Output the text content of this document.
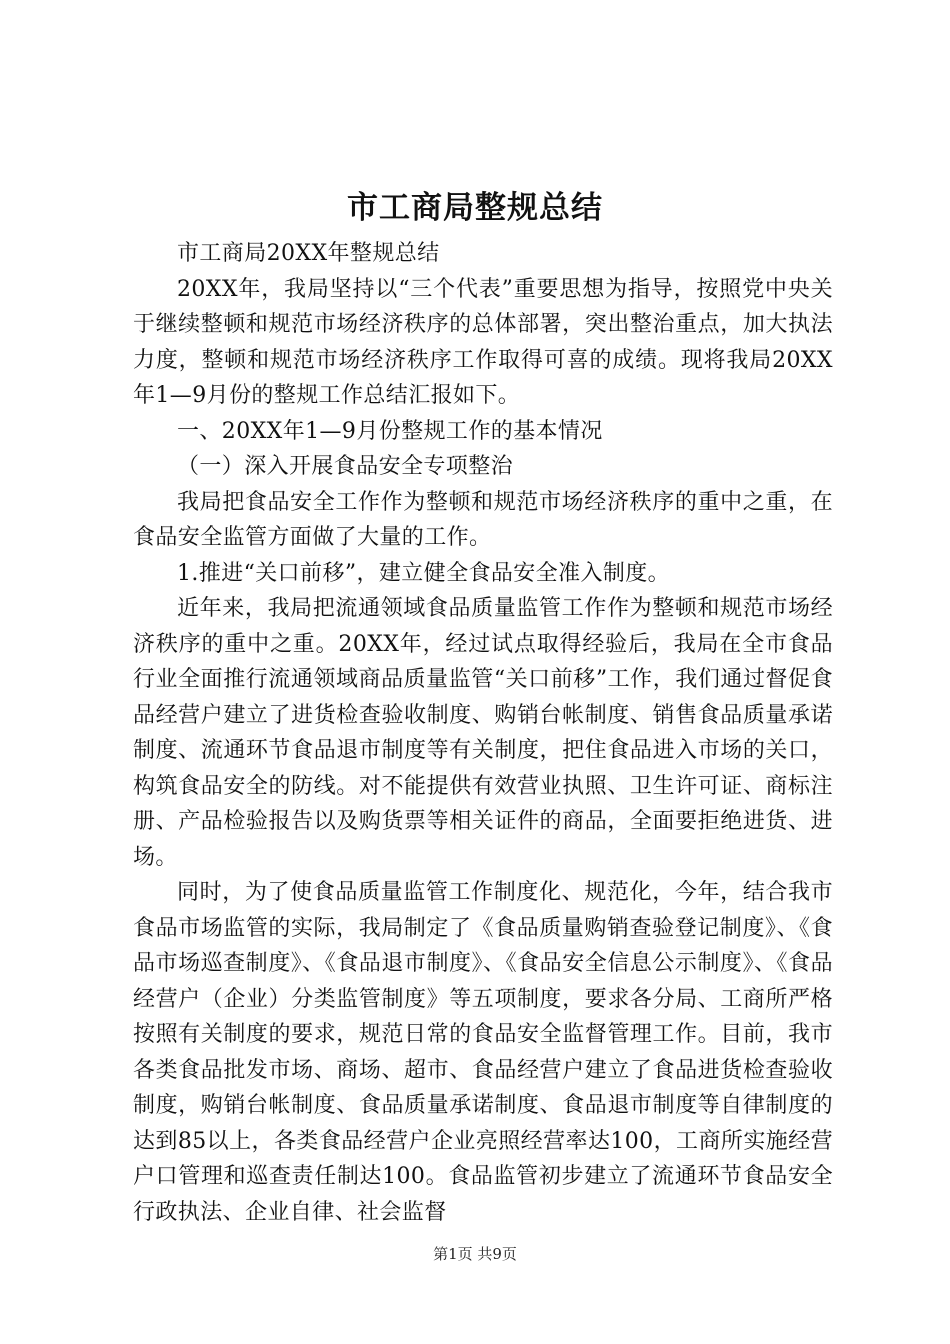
市工商局整规总结

市工商局20XX年整规总结

20XX年，我局坚持以“三个代表”重要思想为指导，按照党中央关于继续整顿和规范市场经济秩序的总体部署，突出整治重点，加大执法力度，整顿和规范市场经济秩序工作取得可喜的成绩。现将我局20XX年1—9月份的整规工作总结汇报如下。

一、20XX年1—9月份整规工作的基本情况

（一）深入开展食品安全专项整治

我局把食品安全工作作为整顿和规范市场经济秩序的重中之重，在食品安全监管方面做了大量的工作。

1.推进“关口前移”，建立健全食品安全准入制度。

近年来，我局把流通领域食品质量监管工作作为整顿和规范市场经济秩序的重中之重。20XX年，经过试点取得经验后，我局在全市食品行业全面推行流通领域商品质量监管“关口前移”工作，我们通过督促食品经营户建立了进货检查验收制度、购销台帐制度、销售食品质量承诺制度、流通环节食品退市制度等有关制度，把住食品进入市场的关口，构筑食品安全的防线。对不能提供有效营业执照、卫生许可证、商标注册、产品检验报告以及购货票等相关证件的商品，全面要拒绝进货、进场。

同时，为了使食品质量监管工作制度化、规范化，今年，结合我市食品市场监管的实际，我局制定了《食品质量购销查验登记制度》、《食品市场巡查制度》、《食品退市制度》、《食品安全信息公示制度》、《食品经营户（企业）分类监管制度》等五项制度，要求各分局、工商所严格按照有关制度的要求，规范日常的食品安全监督管理工作。目前，我市各类食品批发市场、商场、超市、食品经营户建立了食品进货检查验收制度，购销台帐制度、食品质量承诺制度、食品退市制度等自律制度的达到85以上，各类食品经营户企业亮照经营率达100，工商所实施经营户口管理和巡查责任制达100。食品监管初步建立了流通环节食品安全行政执法、企业自律、社会监督

第1页 共9页
